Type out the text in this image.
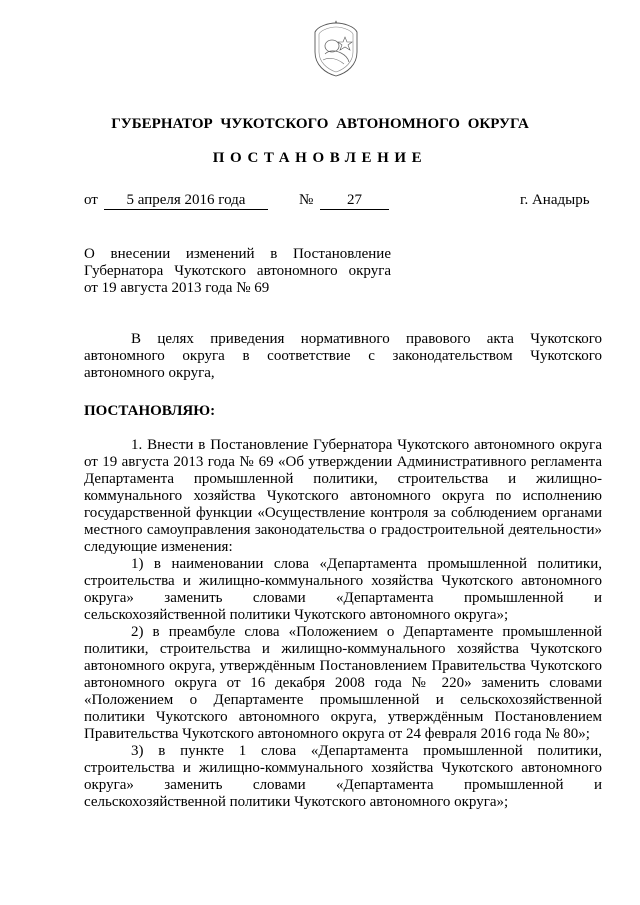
ГУБЕРНАТОР ЧУКОТСКОГО АВТОНОМНОГО ОКРУГА
ПОСТАНОВЛЕНИЕ
от	5 апреля 2016 года	№	27	г. Анадырь
О внесении изменений в Постановление
Губернатора Чукотского автономного округа
от 19 августа 2013 года № 69

В целях приведения нормативного правового акта Чукотского автономного округа в соответствие с законодательством Чукотского автономного округа,

ПОСТАНОВЛЯЮ:

1. Внести в Постановление Губернатора Чукотского автономного округа от 19 августа 2013 года № 69 «Об утверждении Административного регламента Департамента промышленной политики, строительства и жилищно-коммунального хозяйства Чукотского автономного округа по исполнению государственной функции «Осуществление контроля за соблюдением органами местного самоуправления законодательства о градостроительной деятельности» следующие изменения:

1) в наименовании слова «Департамента промышленной политики, строительства и жилищно-коммунального хозяйства Чукотского автономного округа» заменить словами «Департамента промышленной и сельскохозяйственной политики Чукотского автономного округа»;

2) в преамбуле слова «Положением о Департаменте промышленной политики, строительства и жилищно-коммунального хозяйства Чукотского автономного округа, утверждённым Постановлением Правительства Чукотского автономного округа от 16 декабря 2008 года № 220» заменить словами «Положением о Департаменте промышленной и сельскохозяйственной политики Чукотского автономного округа, утверждённым Постановлением Правительства Чукотского автономного округа от 24 февраля 2016 года № 80»;

3) в пункте 1 слова «Департамента промышленной политики, строительства и жилищно-коммунального хозяйства Чукотского автономного округа» заменить словами «Департамента промышленной и сельскохозяйственной политики Чукотского автономного округа»;
